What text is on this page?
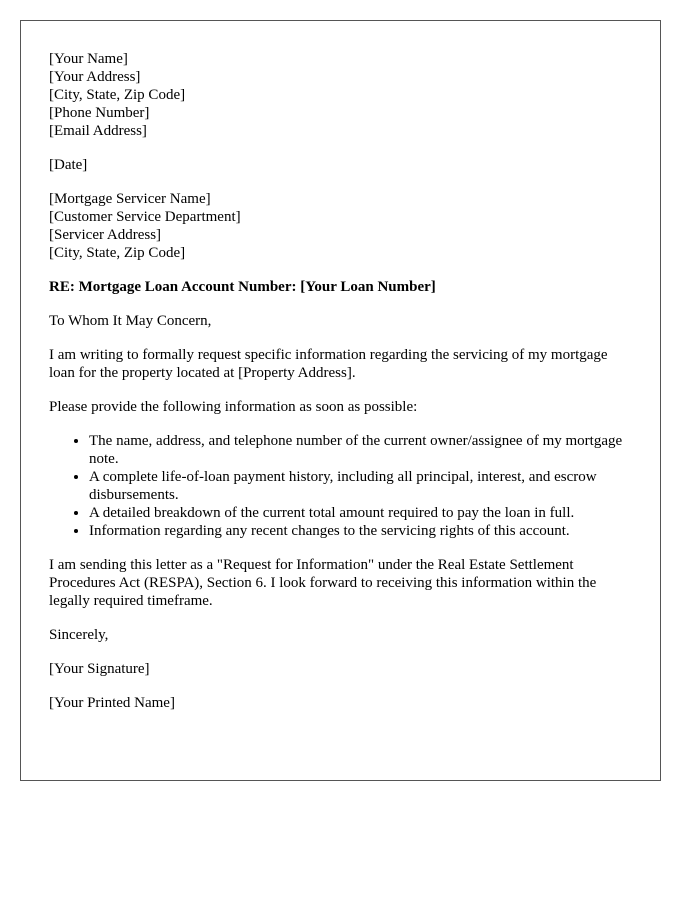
[Your Name]
[Your Address]
[City, State, Zip Code]
[Phone Number]
[Email Address]
[Date]
[Mortgage Servicer Name]
[Customer Service Department]
[Servicer Address]
[City, State, Zip Code]

RE: Mortgage Loan Account Number: [Your Loan Number]

To Whom It May Concern,

I am writing to formally request specific information regarding the servicing of my mortgage loan for the property located at [Property Address].

Please provide the following information as soon as possible:

• The name, address, and telephone number of the current owner/assignee of my mortgage note.
• A complete life-of-loan payment history, including all principal, interest, and escrow disbursements.
• A detailed breakdown of the current total amount required to pay the loan in full.
• Information regarding any recent changes to the servicing rights of this account.

I am sending this letter as a "Request for Information" under the Real Estate Settlement Procedures Act (RESPA), Section 6. I look forward to receiving this information within the legally required timeframe.

Sincerely,

[Your Signature]

[Your Printed Name]
